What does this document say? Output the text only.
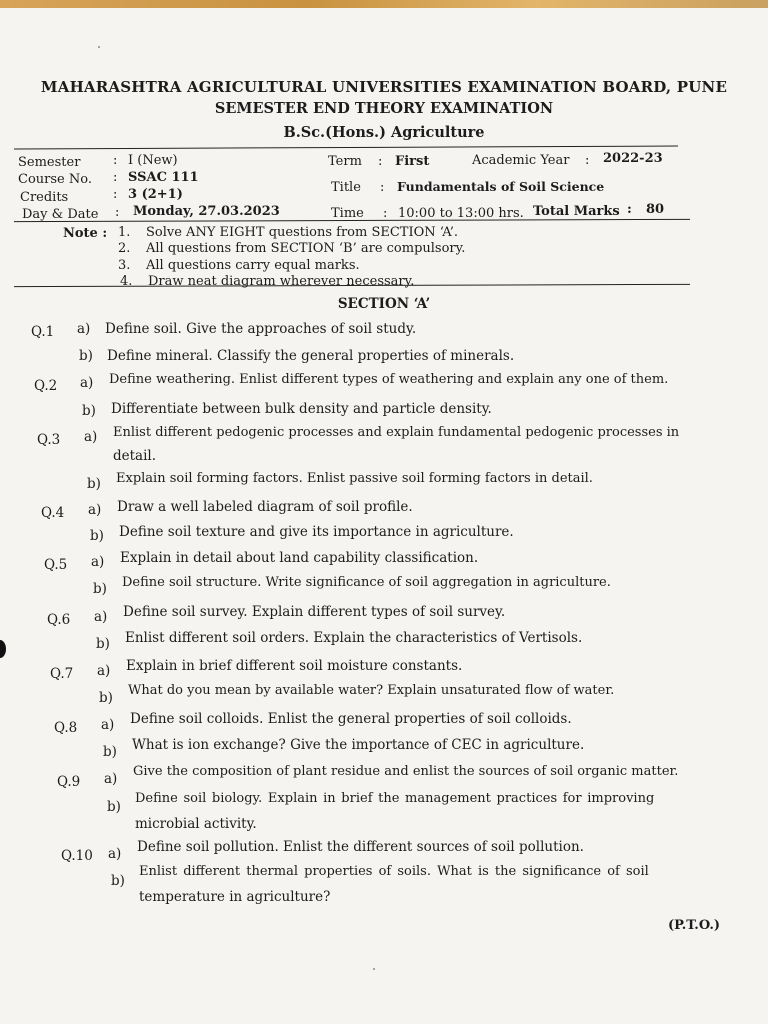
MAHARASHTRA AGRICULTURAL UNIVERSITIES EXAMINATION BOARD, PUNE
SEMESTER END THEORY EXAMINATION
B.Sc.(Hons.) Agriculture
Semester	: I (New)
Course No. : SSAC 111
Credits	: 3 (2+1)
Day & Date : Monday, 27.03.2023
Term : First	Academic Year : 2022-23
Title : Fundamentals of Soil Science
Time : 10:00 to 13:00 hrs. Total Marks : 80
Note : 1. Solve ANY EIGHT questions from SECTION ‘A’.
2. All questions from SECTION ‘B’ are compulsory.
3. All questions carry equal marks.
4. Draw neat diagram wherever necessary.
SECTION ‘A’
Q.1 a) Define soil. Give the approaches of soil study.
b) Define mineral. Classify the general properties of minerals.
Q.2 a) Define weathering. Enlist different types of weathering and explain any one of them.
b) Differentiate between bulk density and particle density.
Q.3 a) Enlist different pedogenic processes and explain fundamental pedogenic processes in
detail.
b) Explain soil forming factors. Enlist passive soil forming factors in detail.
Q.4 a) Draw a well labeled diagram of soil profile.
b) Define soil texture and give its importance in agriculture.
Q.5 a) Explain in detail about land capability classification.
b) Define soil structure. Write significance of soil aggregation in agriculture.
Q.6 a) Define soil survey. Explain different types of soil survey.
b) Enlist different soil orders. Explain the characteristics of Vertisols.
Q.7 a) Explain in brief different soil moisture constants.
b) What do you mean by available water? Explain unsaturated flow of water.
Q.8 a) Define soil colloids. Enlist the general properties of soil colloids.
b) What is ion exchange? Give the importance of CEC in agriculture.
Q.9 a) Give the composition of plant residue and enlist the sources of soil organic matter.
b)
Define soil biology. Explain in brief the management practices for improving
microbial activity.
Q.10 a) Define soil pollution. Enlist the different sources of soil pollution.
b)
Enlist different thermal properties of soils. What is the significance of soil
temperature in agriculture?
(P.T.O.)
